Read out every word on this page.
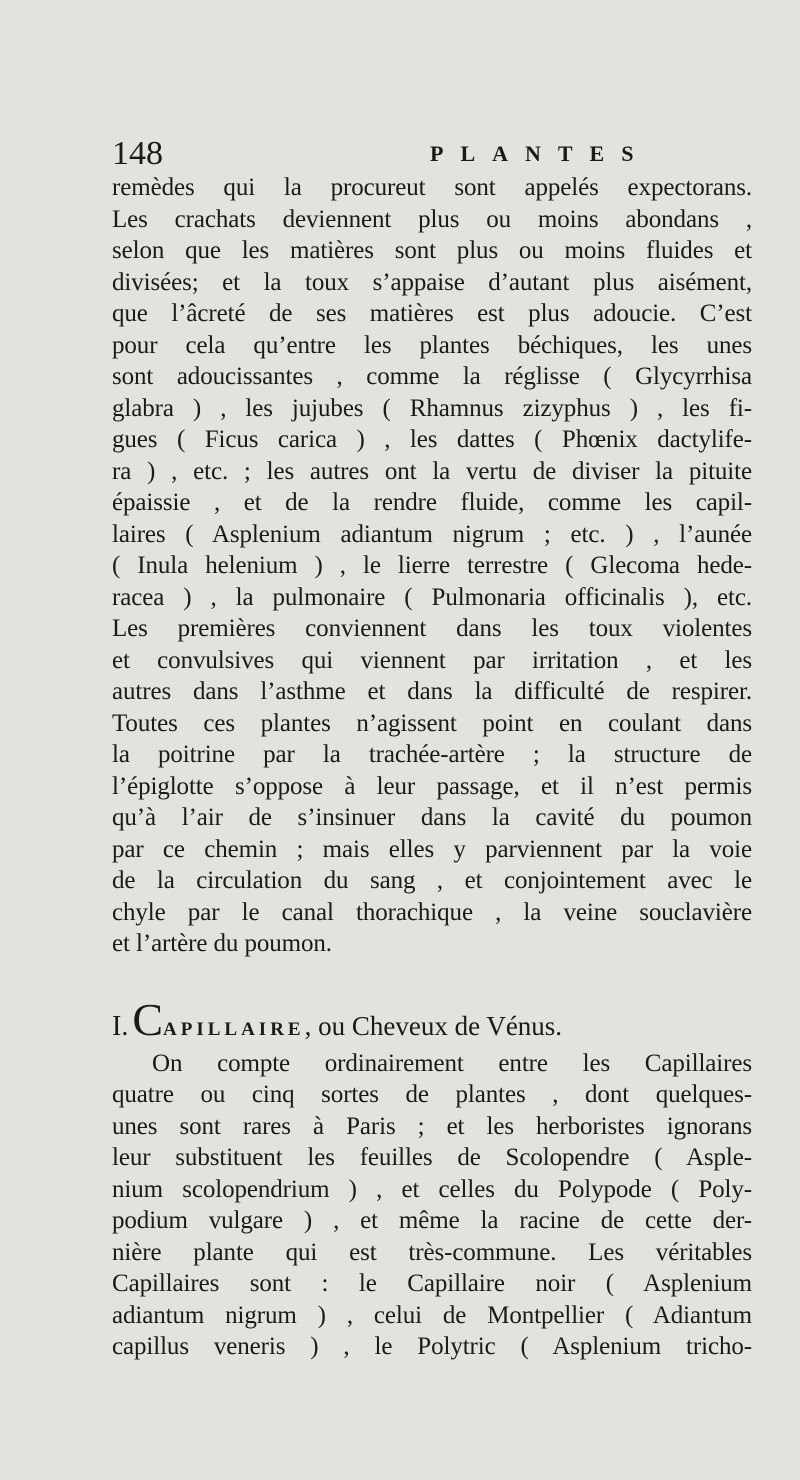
148	PLANTES
remèdes qui la procureut sont appelés expectorans.
Les crachats deviennent plus ou moins abondans ,
selon que les matières sont plus ou moins fluides et
divisées; et la toux s’appaise d’autant plus aisément,
que l’âcreté de ses matières est plus adoucie. C’est
pour cela qu’entre les plantes béchiques, les unes
sont adoucissantes , comme la réglisse ( Glycyrrhisa
glabra ) , les jujubes ( Rhamnus zizyphus ) , les fi-
gues ( Ficus carica ) , les dattes ( Phœnix dactylife-
ra ) , etc. ; les autres ont la vertu de diviser la pituite
épaissie , et de la rendre fluide, comme les capil-
laires ( Asplenium adiantum nigrum ; etc. ) , l’aunée
( Inula helenium ) , le lierre terrestre ( Glecoma hede-
racea ) , la pulmonaire ( Pulmonaria officinalis ), etc.
Les premières conviennent dans les toux violentes
et convulsives qui viennent par irritation , et les
autres dans l’asthme et dans la difficulté de respirer.
Toutes ces plantes n’agissent point en coulant dans
la poitrine par la trachée-artère ; la structure de
l’épiglotte s’oppose à leur passage, et il n’est permis
qu’à l’air de s’insinuer dans la cavité du poumon
par ce chemin ; mais elles y parviennent par la voie
de la circulation du sang , et conjointement avec le
chyle par le canal thorachique , la veine souclavière
et l’artère du poumon.
I. CAPILLAIRE, ou Cheveux de Vénus.
On compte ordinairement entre les Capillaires
quatre ou cinq sortes de plantes , dont quelques-
unes sont rares à Paris ; et les herboristes ignorans
leur substituent les feuilles de Scolopendre ( Asple-
nium scolopendrium ) , et celles du Polypode ( Poly-
podium vulgare ) , et même la racine de cette der-
nière plante qui est très-commune. Les véritables
Capillaires sont : le Capillaire noir ( Asplenium
adiantum nigrum ) , celui de Montpellier ( Adiantum
capillus veneris ) , le Polytric ( Asplenium tricho-
